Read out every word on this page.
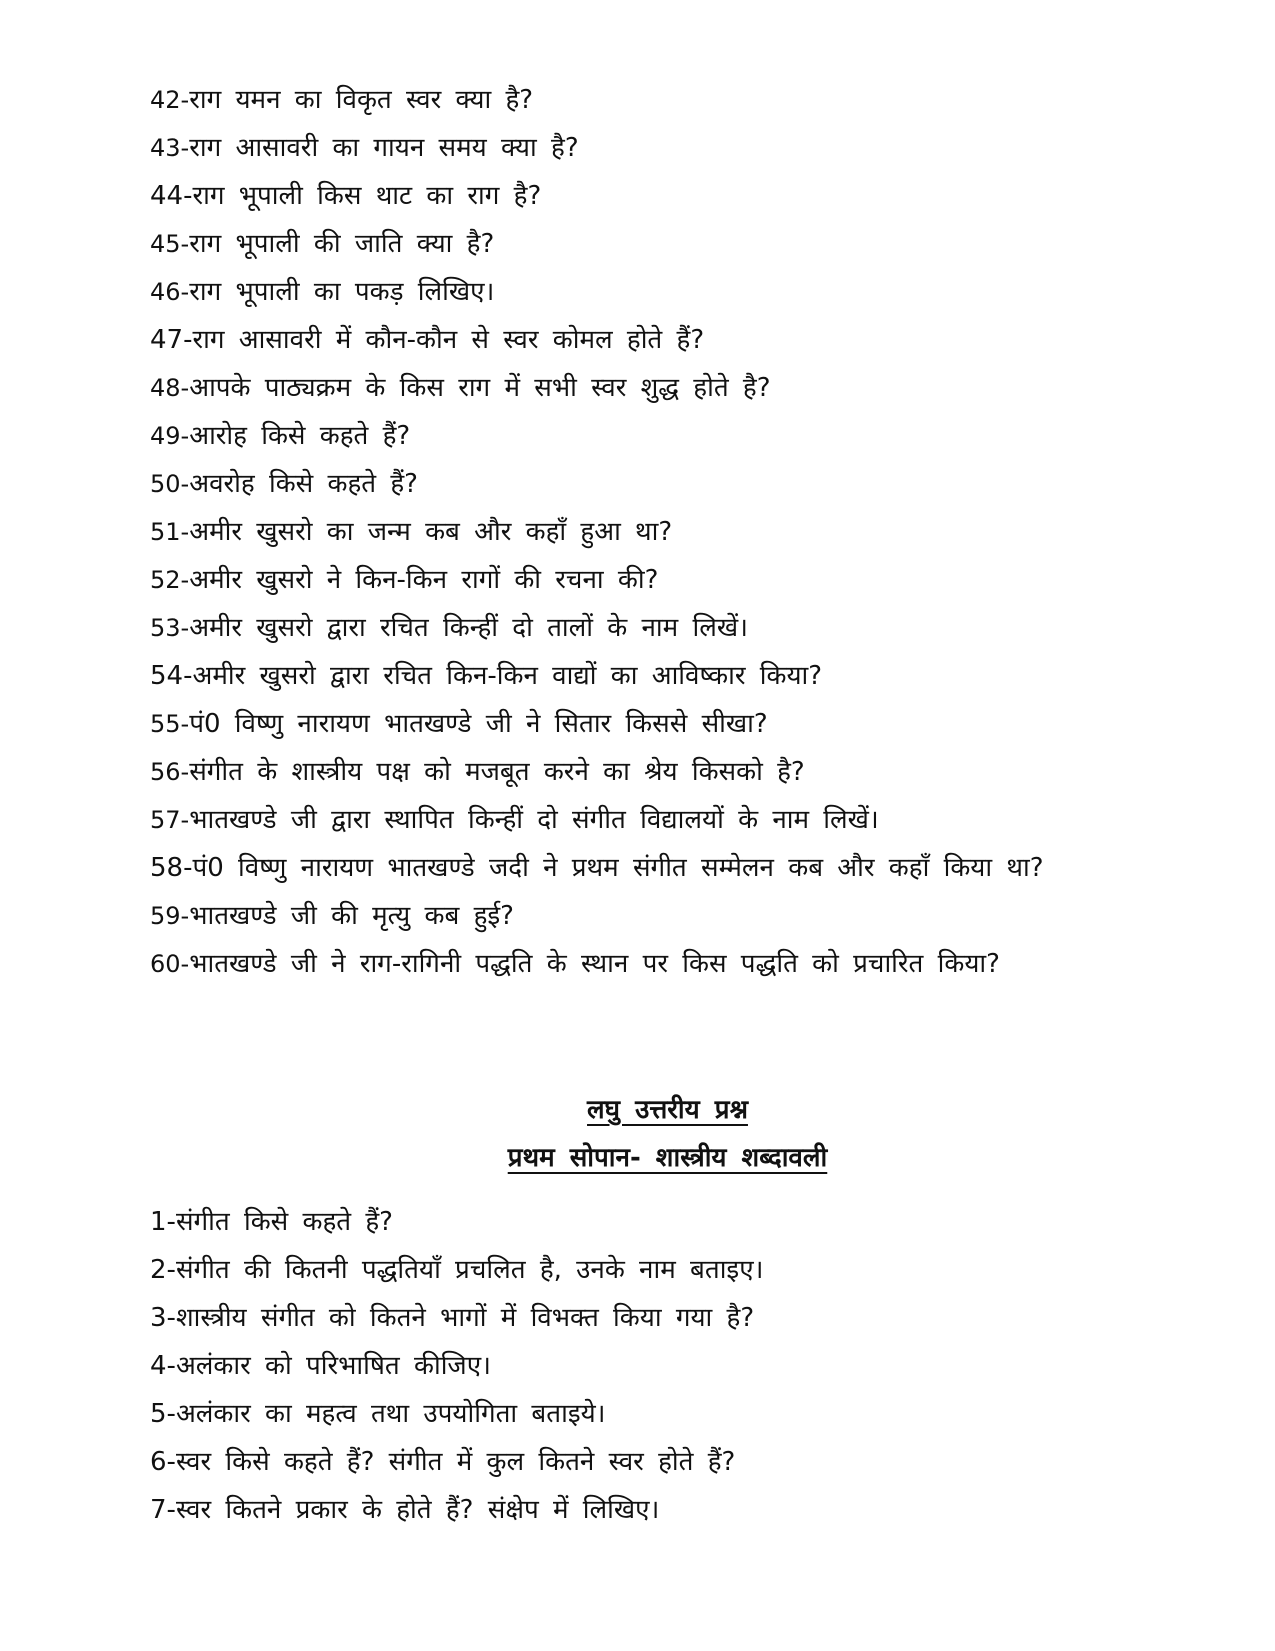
42- राग यमन का विकृत स्वर क्या है?
43- राग आसावरी का गायन समय क्या है?
44- राग भूपाली किस थाट का राग है?
45- राग भूपाली की जाति क्या है?
46- राग भूपाली का पकड़ लिखिए।
47- राग आसावरी में कौन-कौन से स्वर कोमल होते हैं?
48- आपके पाठ्यक्रम के किस राग में सभी स्वर शुद्ध होते है?
49- आरोह किसे कहते हैं?
50- अवरोह किसे कहते हैं?
51- अमीर खुसरो का जन्म कब और कहाँ हुआ था?
52- अमीर खुसरो ने किन-किन रागों की रचना की?
53- अमीर खुसरो द्वारा रचित किन्हीं दो तालों के नाम लिखें।
54- अमीर खुसरो द्वारा रचित किन-किन वाद्यों का आविष्कार किया?
55- पं0 विष्णु नारायण भातखण्डे जी ने सितार किससे सीखा?
56- संगीत के शास्त्रीय पक्ष को मजबूत करने का श्रेय किसको है?
57- भातखण्डे जी द्वारा स्थापित किन्हीं दो संगीत विद्यालयों के नाम लिखें।
58- पं0 विष्णु नारायण भातखण्डे जदी ने प्रथम संगीत सम्मेलन कब और कहाँ किया था?
59- भातखण्डे जी की मृत्यु कब हुई?
60- भातखण्डे जी ने राग-रागिनी पद्धति के स्थान पर किस पद्धति को प्रचारित किया?
लघु उत्तरीय प्रश्न
प्रथम सोपान- शास्त्रीय शब्दावली
1- संगीत किसे कहते हैं?
2- संगीत की कितनी पद्धतियाँ प्रचलित है, उनके नाम बताइए।
3- शास्त्रीय संगीत को कितने भागों में विभक्त किया गया है?
4- अलंकार को परिभाषित कीजिए।
5- अलंकार का महत्व तथा उपयोगिता बताइये।
6- स्वर किसे कहते हैं? संगीत में कुल कितने स्वर होते हैं?
7- स्वर कितने प्रकार के होते हैं? संक्षेप में लिखिए।
